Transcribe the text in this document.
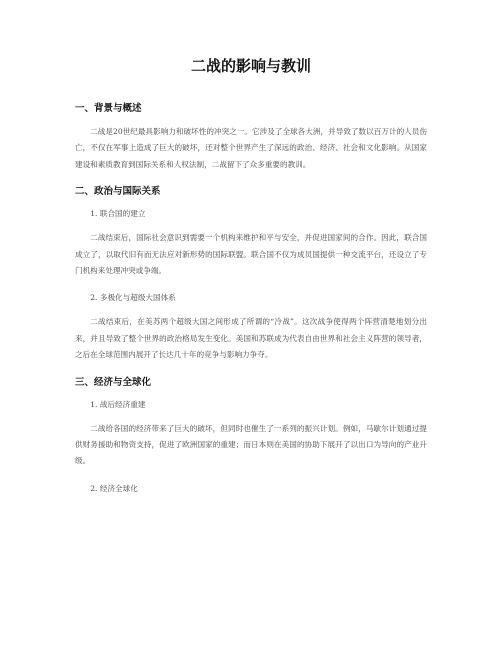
二战的影响与教训
一、背景与概述

二战是20世纪最具影响力和破坏性的冲突之一。它涉及了全球各大洲，并导致了数以百万计的人员伤亡，不仅在军事上造成了巨大的破坏，还对整个世界产生了深远的政治、经济、社会和文化影响。从国家建设和素质教育到国际关系和人权法制，二战留下了众多重要的教训。

二、政治与国际关系
1. 联合国的建立

二战结束后，国际社会意识到需要一个机构来维护和平与安全，并促进国家间的合作。因此，联合国成立了，以取代旧有而无法应对新形势的国际联盟。联合国不仅为成员国提供一种交流平台，还设立了专门机构来处理冲突或争端。

2. 多极化与超级大国体系

二战结束后，在美苏两个超级大国之间形成了所谓的“冷战”。这次战争使得两个阵营清楚地划分出来，并且导致了整个世界的政治格局发生变化。美国和苏联成为代表自由世界和社会主义阵营的领导者，之后在全球范围内展开了长达几十年的竞争与影响力争夺。

三、经济与全球化
1. 战后经济重建

二战给各国的经济带来了巨大的破坏，但同时也催生了一系列的振兴计划。例如，马歇尔计划通过提供财务援助和物资支持，促进了欧洲国家的重建；而日本则在美国的协助下展开了以出口为导向的产业升级。

2. 经济全球化
